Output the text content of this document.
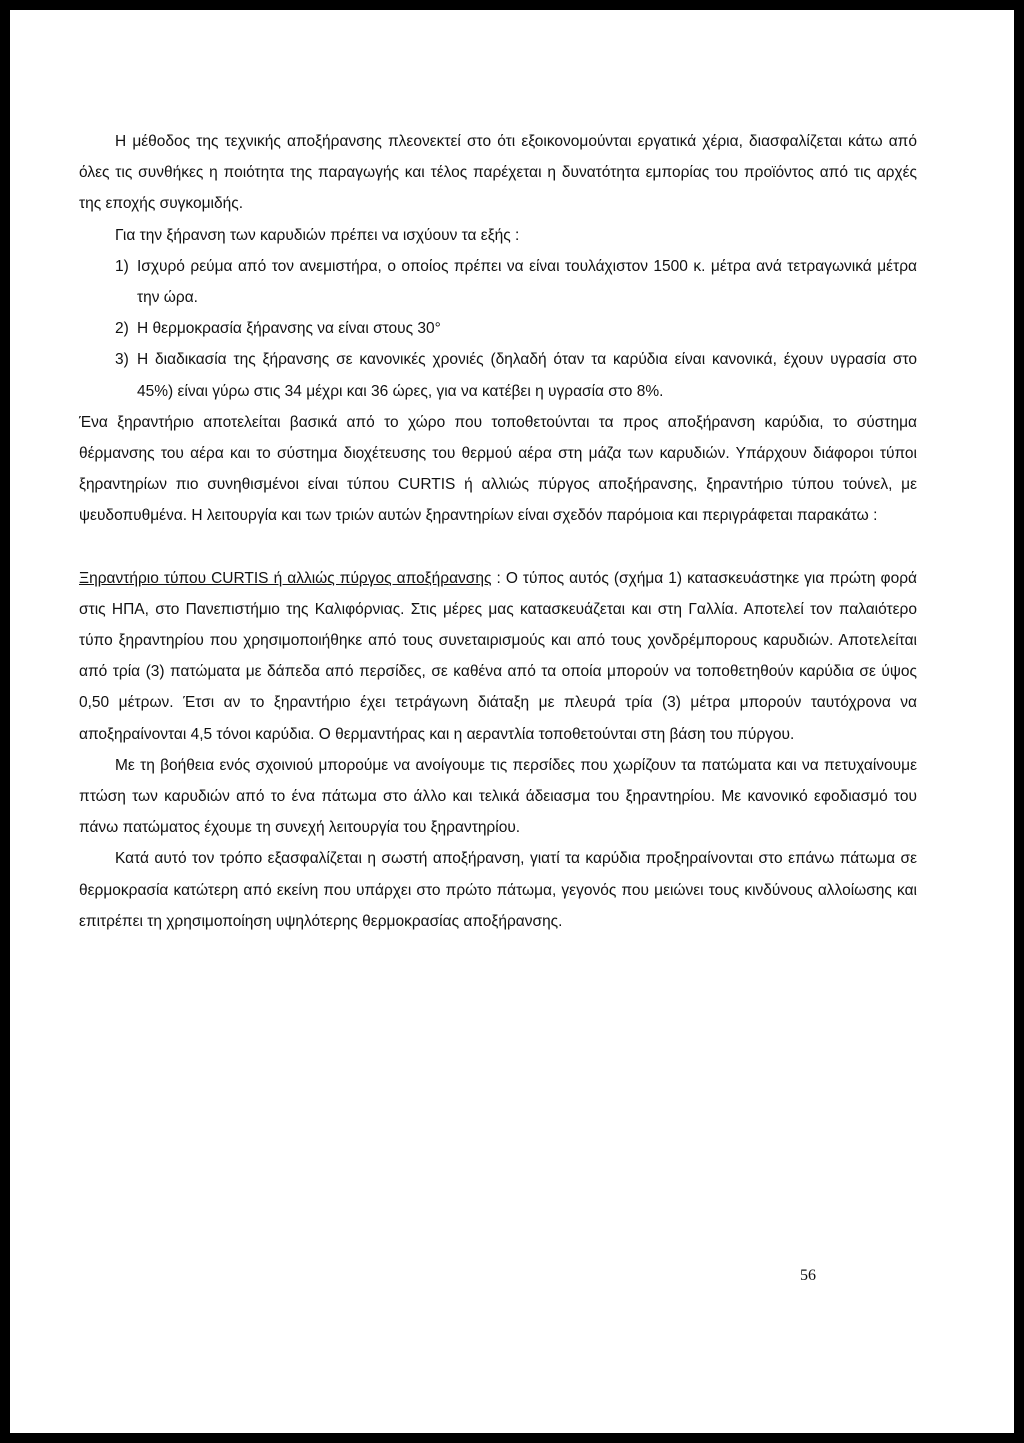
Η μέθοδος της τεχνικής αποξήρανσης πλεονεκτεί στο ότι εξοικονομούνται εργατικά χέρια, διασφαλίζεται κάτω από όλες τις συνθήκες η ποιότητα της παραγωγής και τέλος παρέχεται η δυνατότητα εμπορίας του προϊόντος από τις αρχές της εποχής συγκομιδής.

Για την ξήρανση των καρυδιών πρέπει να ισχύουν τα εξής :

1) Ισχυρό ρεύμα από τον ανεμιστήρα, ο οποίος πρέπει να είναι τουλάχιστον 1500 κ. μέτρα ανά τετραγωνικά μέτρα την ώρα.
2) Η θερμοκρασία ξήρανσης να είναι στους 30°
3) Η διαδικασία της ξήρανσης σε κανονικές χρονιές (δηλαδή όταν τα καρύδια είναι κανονικά, έχουν υγρασία στο 45%) είναι γύρω στις 34 μέχρι και 36 ώρες, για να κατέβει η υγρασία στο 8%.

Ένα ξηραντήριο αποτελείται βασικά από το χώρο που τοποθετούνται τα προς αποξήρανση καρύδια, το σύστημα θέρμανσης του αέρα και το σύστημα διοχέτευσης του θερμού αέρα στη μάζα των καρυδιών. Υπάρχουν διάφοροι τύποι ξηραντηρίων πιο συνηθισμένοι είναι τύπου CURTIS ή αλλιώς πύργος αποξήρανσης, ξηραντήριο τύπου τούνελ, με ψευδοπυθμένα. Η λειτουργία και των τριών αυτών ξηραντηρίων είναι σχεδόν παρόμοια και περιγράφεται παρακάτω :

Ξηραντήριο τύπου CURTIS ή αλλιώς πύργος αποξήρανσης : Ο τύπος αυτός (σχήμα 1) κατασκευάστηκε για πρώτη φορά στις ΗΠΑ, στο Πανεπιστήμιο της Καλιφόρνιας. Στις μέρες μας κατασκευάζεται και στη Γαλλία. Αποτελεί τον παλαιότερο τύπο ξηραντηρίου που χρησιμοποιήθηκε από τους συνεταιρισμούς και από τους χονδρέμπορους καρυδιών. Αποτελείται από τρία (3) πατώματα με δάπεδα από περσίδες, σε καθένα από τα οποία μπορούν να τοποθετηθούν καρύδια σε ύψος 0,50 μέτρων. Έτσι αν το ξηραντήριο έχει τετράγωνη διάταξη με πλευρά τρία (3) μέτρα μπορούν ταυτόχρονα να αποξηραίνονται 4,5 τόνοι καρύδια. Ο θερμαντήρας και η αεραντλία τοποθετούνται στη βάση του πύργου.

Με τη βοήθεια ενός σχοινιού μπορούμε να ανοίγουμε τις περσίδες που χωρίζουν τα πατώματα και να πετυχαίνουμε πτώση των καρυδιών από το ένα πάτωμα στο άλλο και τελικά άδειασμα του ξηραντηρίου. Με κανονικό εφοδιασμό του πάνω πατώματος έχουμε τη συνεχή λειτουργία του ξηραντηρίου.

Κατά αυτό τον τρόπο εξασφαλίζεται η σωστή αποξήρανση, γιατί τα καρύδια προξηραίνονται στο επάνω πάτωμα σε θερμοκρασία κατώτερη από εκείνη που υπάρχει στο πρώτο πάτωμα, γεγονός που μειώνει τους κινδύνους αλλοίωσης και επιτρέπει τη χρησιμοποίηση υψηλότερης θερμοκρασίας αποξήρανσης.

56
